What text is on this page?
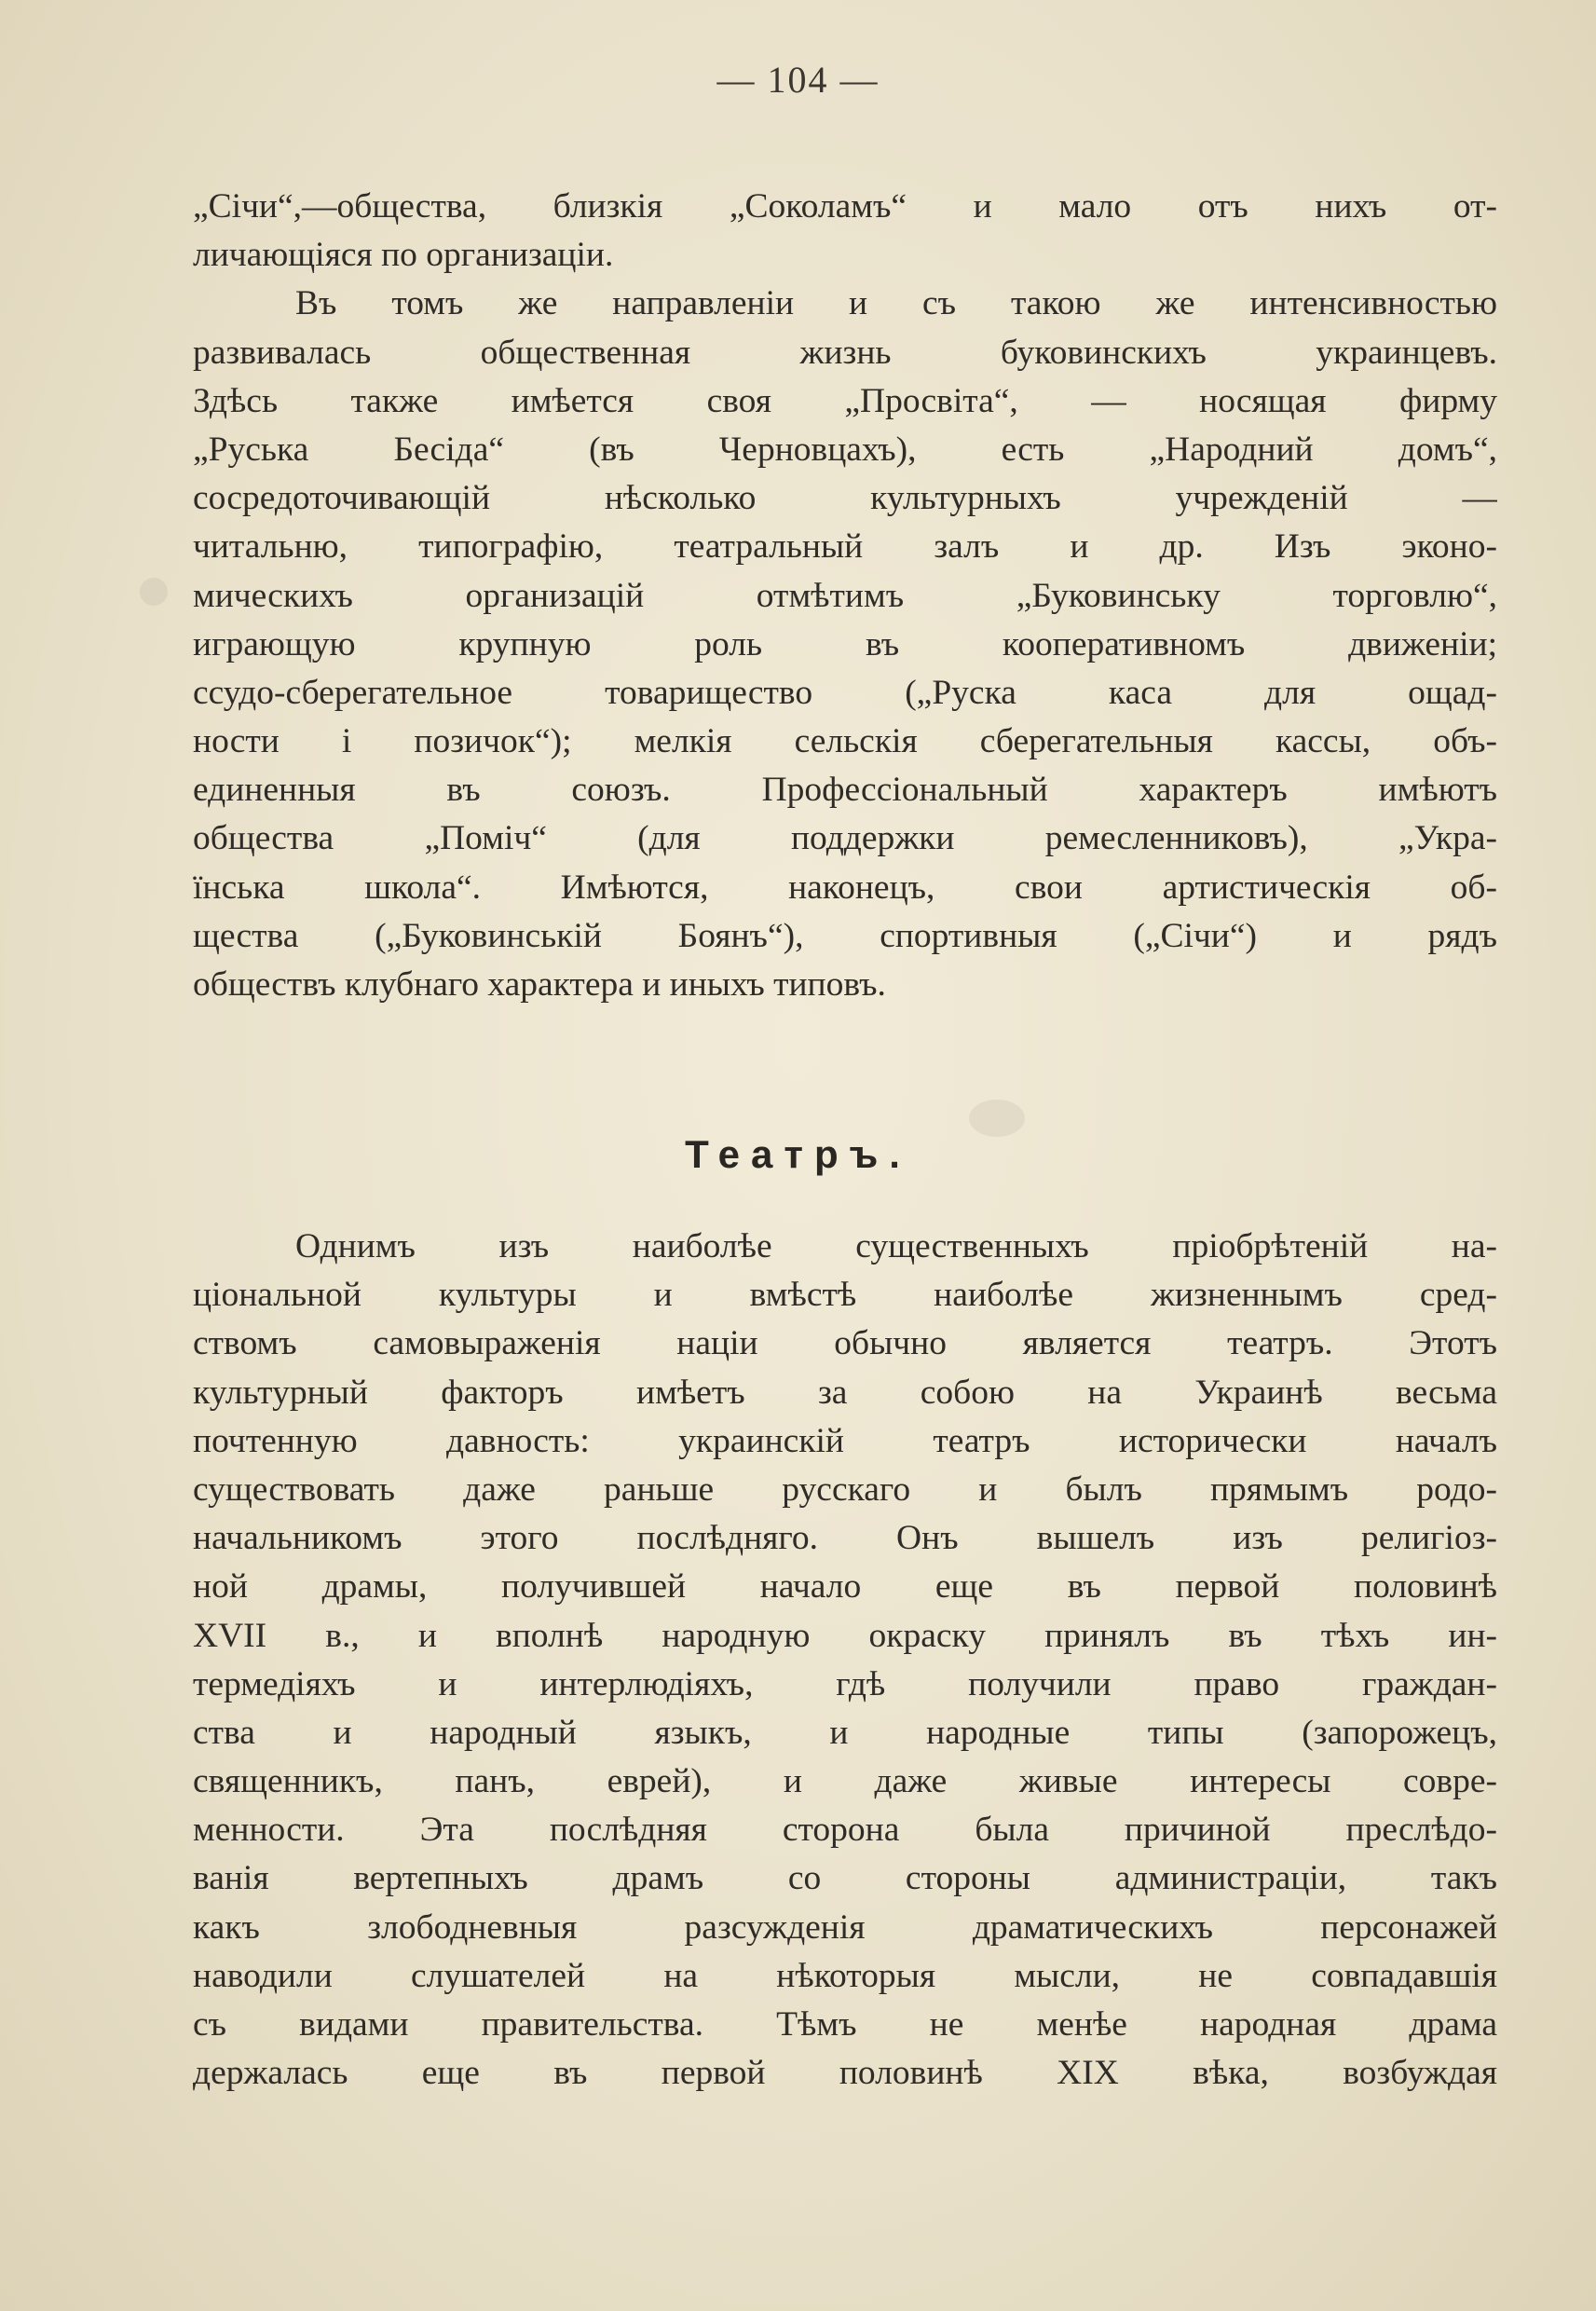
— 104 —
„Сiчи“,—общества, близкiя „Соколамъ“ и мало отъ нихъ от-
личающiяся по организацiи.
Въ томъ же направленiи и съ такою же интенсивностью
развивалась общественная жизнь буковинскихъ украинцевъ.
Здѣсь также имѣется своя „Просвiта“, — носящая фирму
„Руська Бесiда“ (въ Черновцахъ), есть „Народний домъ“,
сосредоточивающiй нѣсколько культурныхъ учрежденiй —
читальню, типографiю, театральный залъ и др. Изъ эконо-
мическихъ организацiй отмѣтимъ „Буковинську торговлю“,
играющую крупную роль въ кооперативномъ движенiи;
ссудо-сберегательное товарищество („Руска каса для ощад-
ности i позичок“); мелкiя сельскiя сберегательныя кассы, объ-
единенныя въ союзъ. Профессiональный характеръ имѣютъ
общества „Помiч“ (для поддержки ремесленниковъ), „Укра-
їнська школа“. Имѣются, наконецъ, свои артистическiя об-
щества („Буковинськiй Боянъ“), спортивныя („Сiчи“) и рядъ
обществъ клубнаго характера и иныхъ типовъ.
Театръ.
Однимъ изъ наиболѣе существенныхъ прiобрѣтенiй на-
цiональной культуры и вмѣстѣ наиболѣе жизненнымъ сред-
ствомъ самовыраженiя нацiи обычно является театръ. Этотъ
культурный факторъ имѣетъ за собою на Украинѣ весьма
почтенную давность: украинскiй театръ исторически началъ
существовать даже раньше русскаго и былъ прямымъ родо-
начальникомъ этого послѣдняго. Онъ вышелъ изъ религiоз-
ной драмы, получившей начало еще въ первой половинѣ
XVII в., и вполнѣ народную окраску принялъ въ тѣхъ ин-
термедiяхъ и интерлюдiяхъ, гдѣ получили право граждан-
ства и народный языкъ, и народные типы (запорожецъ,
священникъ, панъ, еврей), и даже живые интересы совре-
менности. Эта послѣдняя сторона была причиной преслѣдо-
ванiя вертепныхъ драмъ со стороны администрацiи, такъ
какъ злободневныя разсужденiя драматическихъ персонажей
наводили слушателей на нѣкоторыя мысли, не совпадавшiя
съ видами правительства. Тѣмъ не менѣе народная драма
держалась еще въ первой половинѣ XIX вѣка, возбуждая
